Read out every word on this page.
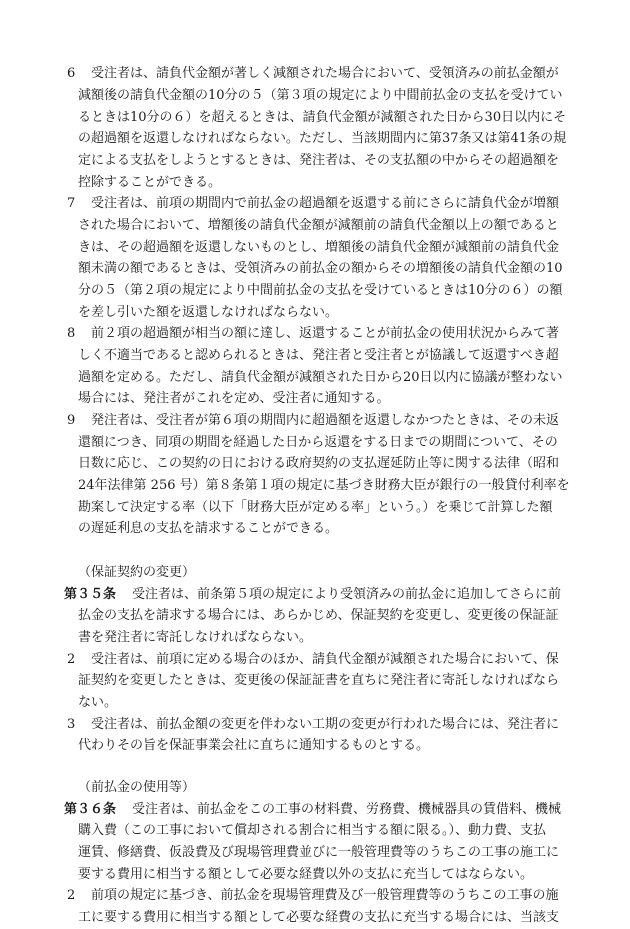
6 受注者は、請負代金額が著しく減額された場合において、受領済みの前払金額が
減額後の請負代金額の10分の５（第３項の規定により中間前払金の支払を受けてい
るときは10分の６）を超えるときは、請負代金額が減額された日から30日以内にそ
の超過額を返還しなければならない。ただし、当該期間内に第37条又は第41条の規
定による支払をしようとするときは、発注者は、その支払額の中からその超過額を
控除することができる。
7 受注者は、前項の期間内で前払金の超過額を返還する前にさらに請負代金が増額
された場合において、増額後の請負代金額が減額前の請負代金額以上の額であると
きは、その超過額を返還しないものとし、増額後の請負代金額が減額前の請負代金
額未満の額であるときは、受領済みの前払金の額からその増額後の請負代金額の10
分の５（第２項の規定により中間前払金の支払を受けているときは10分の６）の額
を差し引いた額を返還しなければならない。
8 前２項の超過額が相当の額に達し、返還することが前払金の使用状況からみて著
しく不適当であると認められるときは、発注者と受注者とが協議して返還すべき超
過額を定める。ただし、請負代金額が減額された日から20日以内に協議が整わない
場合には、発注者がこれを定め、受注者に通知する。
9 発注者は、受注者が第６項の期間内に超過額を返還しなかつたときは、その未返
還額につき、同項の期間を経過した日から返還をする日までの期間について、その
日数に応じ、この契約の日における政府契約の支払遅延防止等に関する法律（昭和
24年法律第 256 号）第８条第１項の規定に基づき財務大臣が銀行の一般貸付利率を
勘案して決定する率（以下「財務大臣が定める率」という。）を乗じて計算した額
の遅延利息の支払を請求することができる。
（保証契約の変更）
第３５条 受注者は、前条第５項の規定により受領済みの前払金に追加してさらに前
払金の支払を請求する場合には、あらかじめ、保証契約を変更し、変更後の保証証
書を発注者に寄託しなければならない。
2 受注者は、前項に定める場合のほか、請負代金額が減額された場合において、保
証契約を変更したときは、変更後の保証証書を直ちに発注者に寄託しなければなら
ない。
3 受注者は、前払金額の変更を伴わない工期の変更が行われた場合には、発注者に
代わりその旨を保証事業会社に直ちに通知するものとする。
（前払金の使用等）
第３６条 受注者は、前払金をこの工事の材料費、労務費、機械器具の賃借料、機械
購入費（この工事において償却される割合に相当する額に限る。）、動力費、支払
運賃、修繕費、仮設費及び現場管理費並びに一般管理費等のうちこの工事の施工に
要する費用に相当する額として必要な経費以外の支払に充当してはならない。
2 前項の規定に基づき、前払金を現場管理費及び一般管理費等のうちこの工事の施
工に要する費用に相当する額として必要な経費の支払に充当する場合には、当該支
